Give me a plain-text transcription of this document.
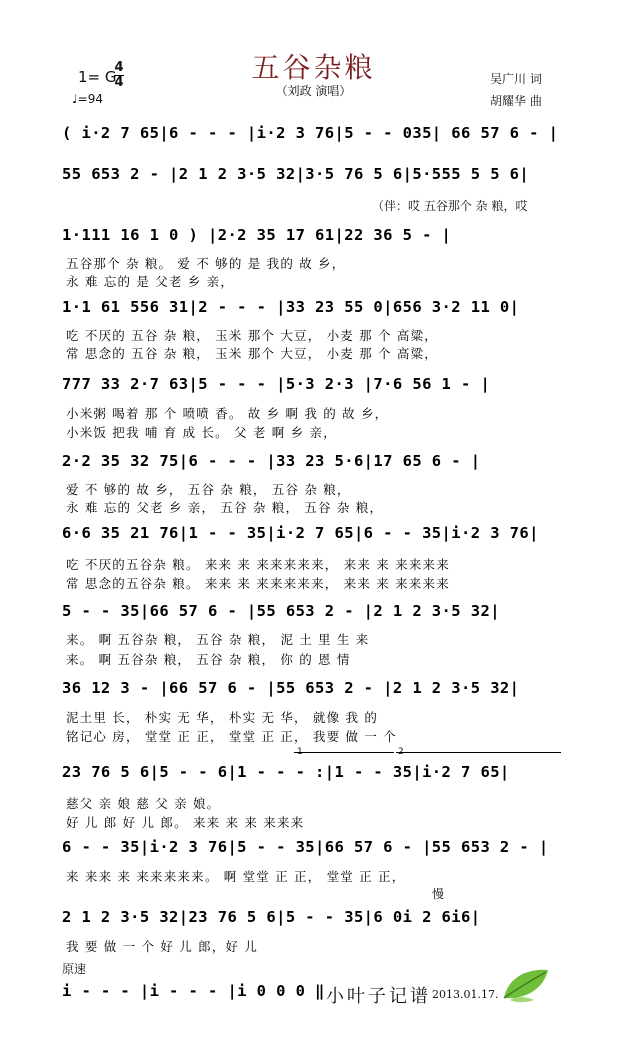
五谷杂粮
（刘政 演唱）
1= G
4
4
♩=94
吴广川 词
胡耀华 曲
( i·2 7 65|6 - - - |i·2 3 76|5 - - 035| 66 57 6 - |
55 653 2 - |2 1 2 3·5 32|3·5 76 5 6|5·555 5 5 6|
（伴：哎 五谷那个 杂 粮，哎
1·111 16 1 0 ) |2·2 35 17 61|22 36 5 - |
五谷那个 杂 粮。 爱 不 够的 是 我的 故 乡，
永 难 忘的 是 父老 乡 亲，
1·1 61 556 31|2 - - - |33 23 55 0|656 3·2 11 0|
吃 不厌的 五谷 杂 粮， 玉米 那个 大豆， 小麦 那 个 高粱，
常 思念的 五谷 杂 粮， 玉米 那个 大豆， 小麦 那 个 高粱，
777 33 2·7 63|5 - - - |5·3 2·3 |7·6 56 1 - |
小米粥 喝着 那 个 喷喷 香。 故 乡 啊 我 的 故 乡，
小米饭 把我 哺 育 成 长。 父 老 啊 乡 亲，
2·2 35 32 75|6 - - - |33 23 5·6|17 65 6 - |
爱 不 够的 故 乡， 五谷 杂 粮， 五谷 杂 粮，
永 难 忘的 父老 乡 亲， 五谷 杂 粮， 五谷 杂 粮，
6·6 35 21 76|1 - - 35|i·2 7 65|6 - - 35|i·2 3 76|
吃 不厌的五谷杂 粮。 来来 来 来来来来来， 来来 来 来来来来
常 思念的五谷杂 粮。 来来 来 来来来来来， 来来 来 来来来来
5 - - 35|66 57 6 - |55 653 2 - |2 1 2 3·5 32|
来。 啊 五谷杂 粮， 五谷 杂 粮， 泥 土 里 生 来
来。 啊 五谷杂 粮， 五谷 杂 粮， 你 的 恩 情
36 12 3 - |66 57 6 - |55 653 2 - |2 1 2 3·5 32|
泥土里 长， 朴实 无 华， 朴实 无 华， 就像 我 的
铭记心 房， 堂堂 正 正， 堂堂 正 正， 我要 做 一 个
1	2
23 76 5 6|5 - - 6|1 - - - :|1 - - 35|i·2 7 65|
慈父 亲 娘 慈 父 亲 娘。
好 儿 郎 好 儿 郎。 来来 来 来 来来来
6 - - 35|i·2 3 76|5 - - 35|66 57 6 - |55 653 2 - |
来 来来 来 来来来来来。 啊 堂堂 正 正， 堂堂 正 正，
慢
2 1 2 3·5 32|23 76 5 6|5 - - 35|6 0i 2 6i6|
我 要 做 一 个 好 儿 郎，好 儿
原速
i - - - |i - - - |i 0 0 0 ‖ 小叶子记谱 2013.01.17.
